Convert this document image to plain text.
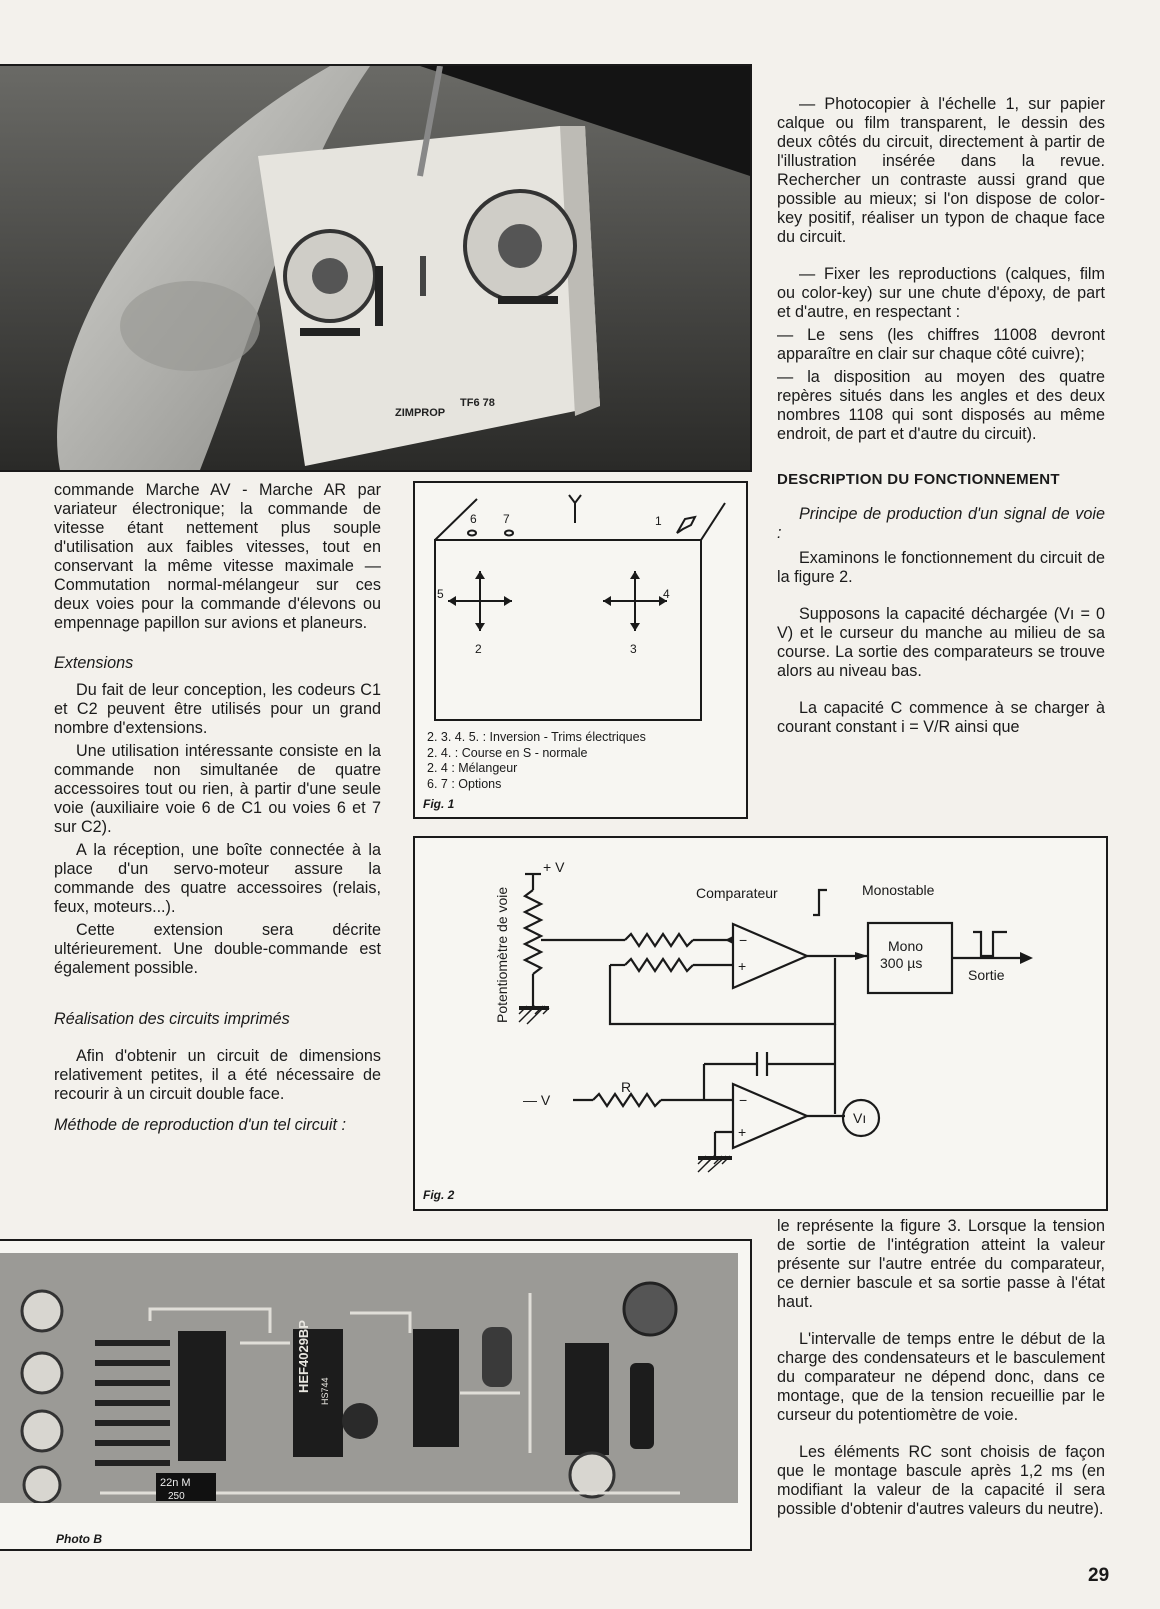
ZIMPROP
TF6 78

commande Marche AV - Marche AR par variateur électronique; la commande de vitesse étant nettement plus souple d'utilisation aux faibles vitesses, tout en conservant la même vitesse maximale — Commutation normal-mélangeur sur ces deux voies pour la commande d'élevons ou empennage papillon sur avions et planeurs.

Extensions

Du fait de leur conception, les codeurs C1 et C2 peuvent être utilisés pour un grand nombre d'extensions.

Une utilisation intéressante consiste en la commande non simultanée de quatre accessoires tout ou rien, à partir d'une seule voie (auxiliaire voie 6 de C1 ou voies 6 et 7 sur C2).

A la réception, une boîte connectée à la place d'un servo-moteur assure la commande des quatre accessoires (relais, feux, moteurs...).

Cette extension sera décrite ultérieurement. Une double-commande est également possible.

Réalisation des circuits imprimés

Afin d'obtenir un circuit de dimensions relativement petites, il a été nécessaire de recourir à un circuit double face.

Méthode de reproduction d'un tel circuit :

5
2
4
3
1
6 7
2. 3. 4. 5. : Inversion - Trims électriques
2. 4. : Course en S - normale
2. 4 : Mélangeur
6. 7 : Options
Fig. 1

— Photocopier à l'échelle 1, sur papier calque ou film transparent, le dessin des deux côtés du circuit, directement à partir de l'illustration insérée dans la revue. Rechercher un contraste aussi grand que possible au mieux; si l'on dispose de color-key positif, réaliser un typon de chaque face du circuit.

— Fixer les reproductions (calques, film ou color-key) sur une chute d'époxy, de part et d'autre, en respectant :

— Le sens (les chiffres 11008 devront apparaître en clair sur chaque côté cuivre);

— la disposition au moyen des quatre repères situés dans les angles et des deux nombres 1108 qui sont disposés au même endroit, de part et d'autre du circuit).

DESCRIPTION DU FONCTIONNEMENT

Principe de production d'un signal de voie :

Examinons le fonctionnement du circuit de la figure 2.

Supposons la capacité déchargée (Vı = 0 V) et le curseur du manche au milieu de sa course. La sortie des comparateurs se trouve alors au niveau bas.

La capacité C commence à se charger à courant constant i = V/R ainsi que

+ V
Comparateur	Monostable
Mono
300 µs
Sortie
— V
R
Vı
−
+
−
+
Potentiomètre de voie
Fig. 2

le représente la figure 3. Lorsque la tension de sortie de l'intégration atteint la valeur présente sur l'autre entrée du comparateur, ce dernier bascule et sa sortie passe à l'état haut.

L'intervalle de temps entre le début de la charge des condensateurs et le basculement du comparateur ne dépend donc, dans ce montage, que de la tension recueillie par le curseur du potentiomètre de voie.

Les éléments RC sont choisis de façon que le montage bascule après 1,2 ms (en modifiant la valeur de la capacité il sera possible d'obtenir d'autres valeurs du neutre).

HEF4029BP HS744
22n M
250
Photo B
29
